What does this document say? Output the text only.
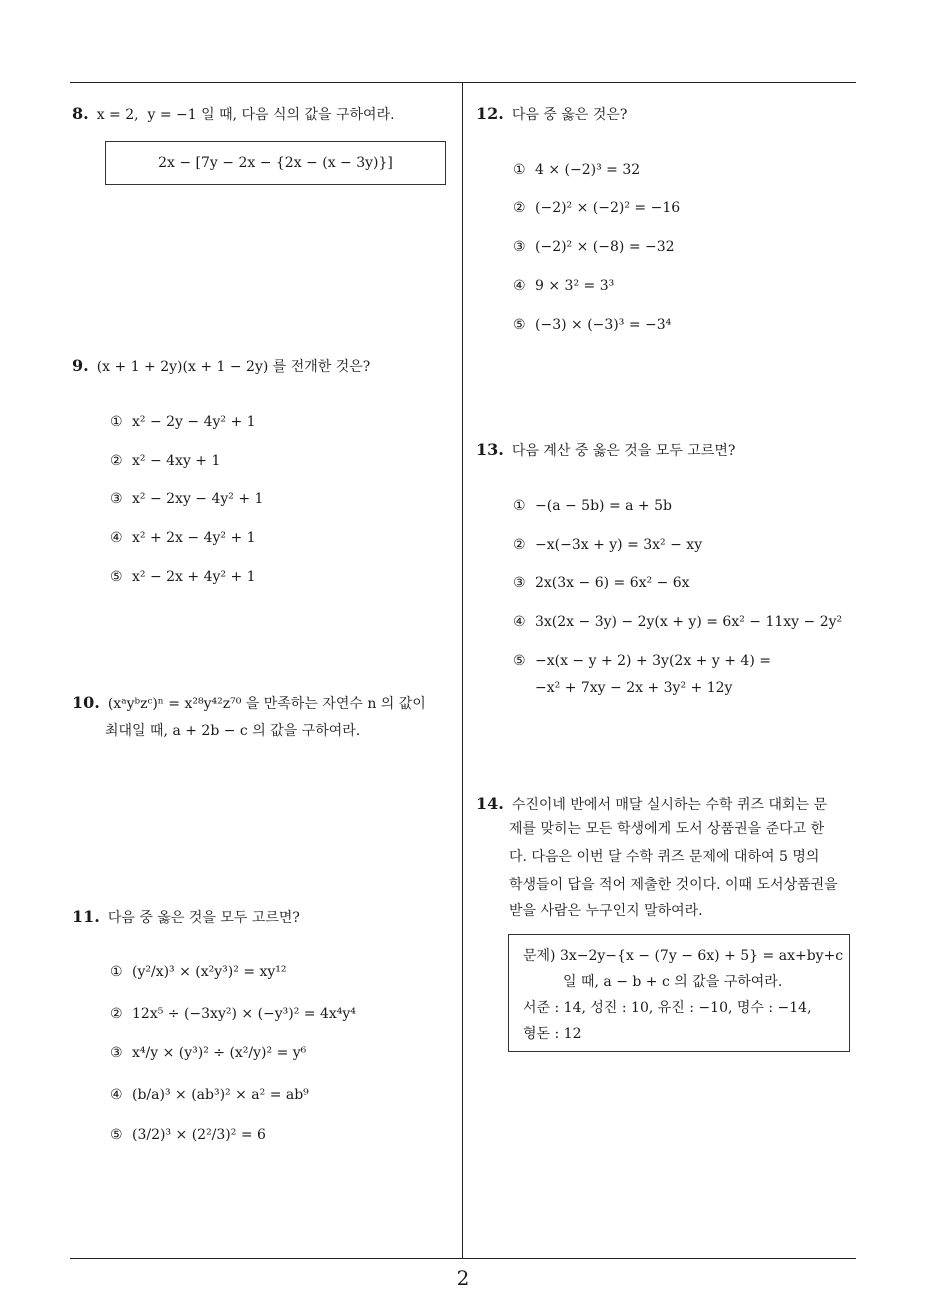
8. x = 2,  y = −1 일 때, 다음 식의 값을 구하여라.
2x − [7y − 2x − {2x − (x − 3y)}]
9. (x + 1 + 2y)(x + 1 − 2y) 를 전개한 것은?
① x² − 2y − 4y² + 1
② x² − 4xy + 1
③ x² − 2xy − 4y² + 1
④ x² + 2x − 4y² + 1
⑤ x² − 2x + 4y² + 1
10. (xᵃyᵇzᶜ)ⁿ = x²⁸y⁴²z⁷⁰ 을 만족하는 자연수 n 의 값이
최대일 때, a + 2b − c 의 값을 구하여라.
11. 다음 중 옳은 것을 모두 고르면?
① (y²/x)³ × (x²y³)² = xy¹²
② 12x⁵ ÷ (−3xy²) × (−y³)² = 4x⁴y⁴
③ x⁴/y × (y³)² ÷ (x²/y)² = y⁶
④ (b/a)³ × (ab³)² × a² = ab⁹
⑤ (3/2)³ × (2²/3)² = 6
12. 다음 중 옳은 것은?
① 4 × (−2)³ = 32
② (−2)² × (−2)² = −16
③ (−2)² × (−8) = −32
④ 9 × 3² = 3³
⑤ (−3) × (−3)³ = −3⁴
13. 다음 계산 중 옳은 것을 모두 고르면?
① −(a − 5b) = a + 5b
② −x(−3x + y) = 3x² − xy
③ 2x(3x − 6) = 6x² − 6x
④ 3x(2x − 3y) − 2y(x + y) = 6x² − 11xy − 2y²
⑤ −x(x − y + 2) + 3y(2x + y + 4) =
−x² + 7xy − 2x + 3y² + 12y
14. 수진이네 반에서 매달 실시하는 수학 퀴즈 대회는 문
제를 맞히는 모든 학생에게 도서 상품권을 준다고 한
다. 다음은 이번 달 수학 퀴즈 문제에 대하여 5 명의
학생들이 답을 적어 제출한 것이다. 이때 도서상품권을
받을 사람은 누구인지 말하여라.
문제) 3x−2y−{x − (7y − 6x) + 5} = ax+by+c
일 때, a − b + c 의 값을 구하여라.
서준 : 14, 성진 : 10, 유진 : −10, 명수 : −14,
형돈 : 12
2
